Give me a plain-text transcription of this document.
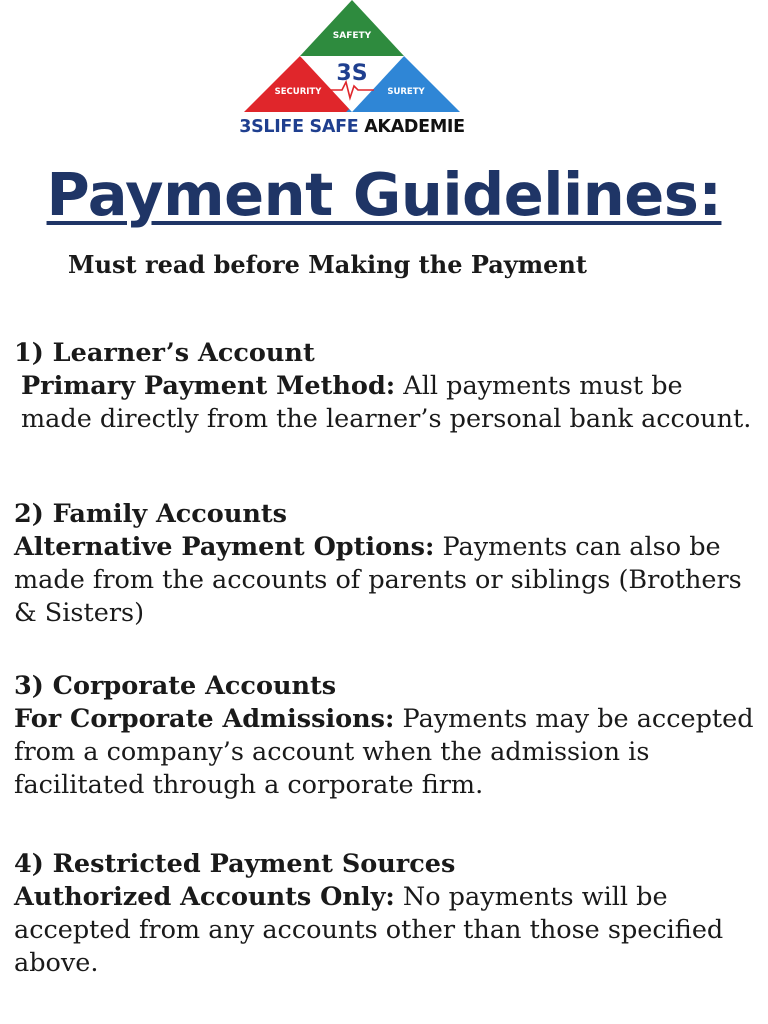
SAFETY
3S
SECURITY	SURETY
3SLIFE SAFE AKADEMIE
Payment Guidelines:
Must read before Making the Payment
1) Learner’s Account

Primary Payment Method: All payments must be made directly from the learner’s personal bank account.

2) Family Accounts

Alternative Payment Options: Payments can also be made from the accounts of parents or siblings (Brothers & Sisters)

3) Corporate Accounts

For Corporate Admissions: Payments may be accepted from a company’s account when the admission is facilitated through a corporate firm.

4) Restricted Payment Sources

Authorized Accounts Only: No payments will be accepted from any accounts other than those specified above.
